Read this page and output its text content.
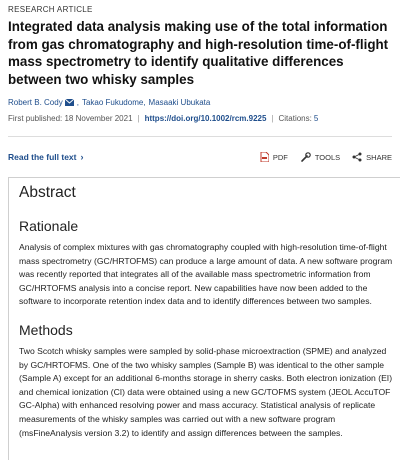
RESEARCH ARTICLE
Integrated data analysis making use of the total information from gas chromatography and high-resolution time-of-flight mass spectrometry to identify qualitative differences between two whisky samples
Robert B. Cody , Takao Fukudome , Masaaki Ubukata
First published: 18 November 2021 | https://doi.org/10.1002/rcm.9225 | Citations: 5
Read the full text ›	PDF	TOOLS	SHARE
Abstract
Rationale

Analysis of complex mixtures with gas chromatography coupled with high-resolution time-of-flight mass spectrometry (GC/HRTOFMS) can produce a large amount of data. A new software program was recently reported that integrates all of the available mass spectrometric information from GC/HRTOFMS analysis into a concise report. New capabilities have now been added to the software to incorporate retention index data and to identify differences between two samples.

Methods

Two Scotch whisky samples were sampled by solid-phase microextraction (SPME) and analyzed by GC/HRTOFMS. One of the two whisky samples (Sample B) was identical to the other sample (Sample A) except for an additional 6-months storage in sherry casks. Both electron ionization (EI) and chemical ionization (CI) data were obtained using a new GC/TOFMS system (JEOL AccuTOF GC-Alpha) with enhanced resolving power and mass accuracy. Statistical analysis of replicate measurements of the whisky samples was carried out with a new software program (msFineAnalysis version 3.2) to identify and assign differences between the samples.
